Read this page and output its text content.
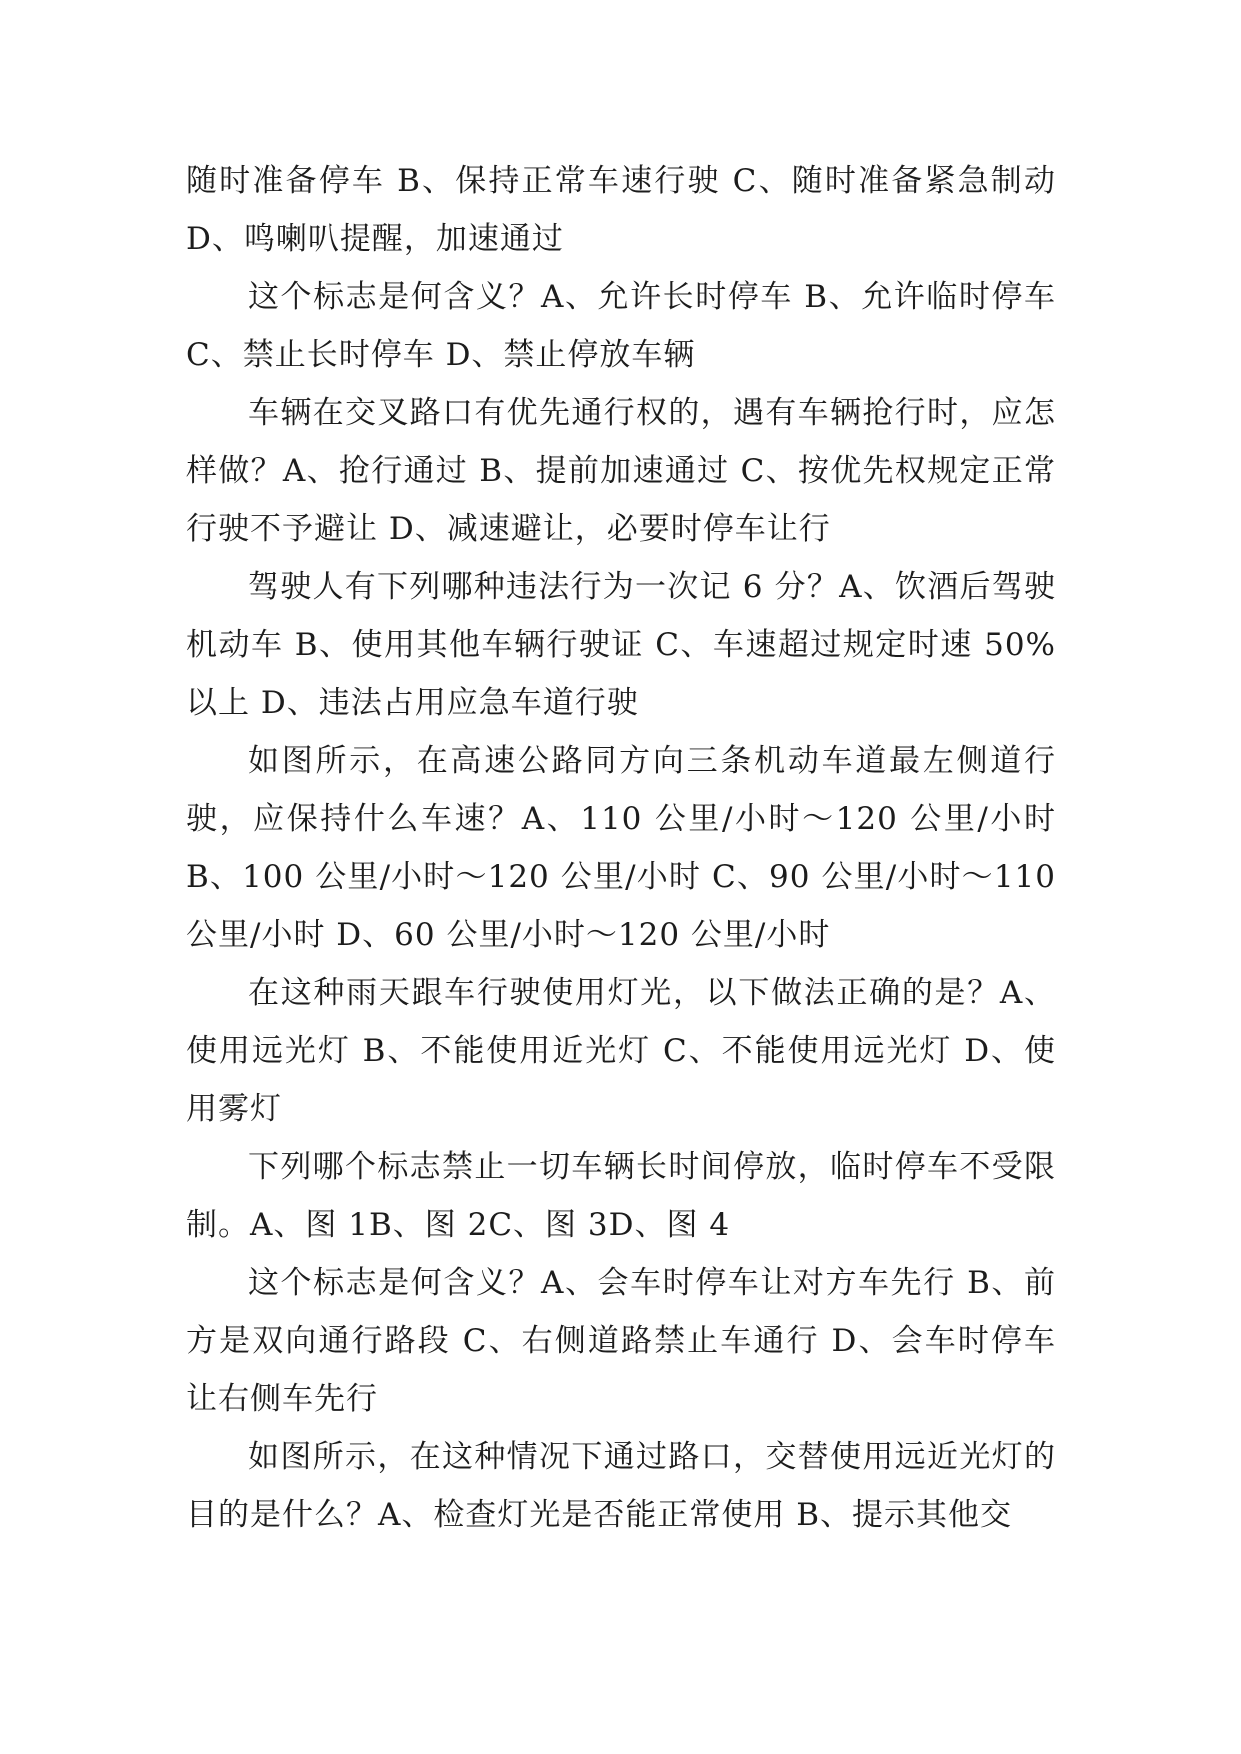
随时准备停车 B、保持正常车速行驶 C、随时准备紧急制动 D、鸣喇叭提醒，加速通过

这个标志是何含义？A、允许长时停车 B、允许临时停车 C、禁止长时停车 D、禁止停放车辆

车辆在交叉路口有优先通行权的，遇有车辆抢行时，应怎样做？A、抢行通过 B、提前加速通过 C、按优先权规定正常行驶不予避让 D、减速避让，必要时停车让行

驾驶人有下列哪种违法行为一次记 6 分？A、饮酒后驾驶机动车 B、使用其他车辆行驶证 C、车速超过规定时速 50%以上 D、违法占用应急车道行驶

如图所示，在高速公路同方向三条机动车道最左侧道行驶，应保持什么车速？A、110 公里/小时～120 公里/小时 B、100 公里/小时～120 公里/小时 C、90 公里/小时～110 公里/小时 D、60 公里/小时～120 公里/小时

在这种雨天跟车行驶使用灯光，以下做法正确的是？A、使用远光灯 B、不能使用近光灯 C、不能使用远光灯 D、使用雾灯

下列哪个标志禁止一切车辆长时间停放，临时停车不受限制。A、图 1B、图 2C、图 3D、图 4

这个标志是何含义？A、会车时停车让对方车先行 B、前方是双向通行路段 C、右侧道路禁止车通行 D、会车时停车让右侧车先行

如图所示，在这种情况下通过路口，交替使用远近光灯的目的是什么？A、检查灯光是否能正常使用 B、提示其他交
